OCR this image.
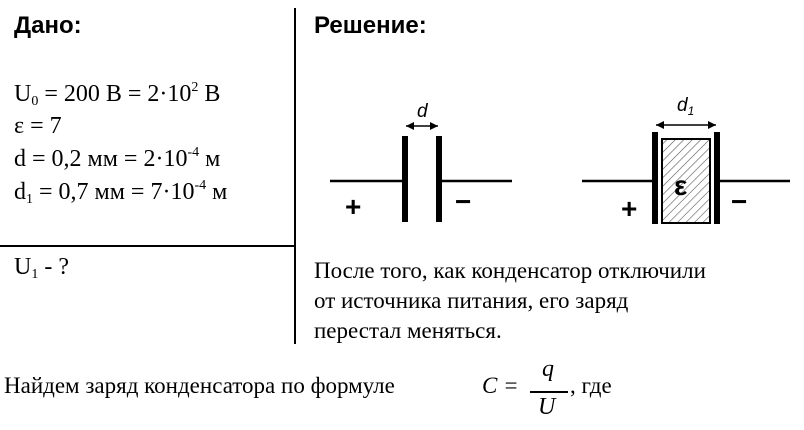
Дано:
$U_0 = 200$ $В = 2\cdot 10^2$ В
ε = 7
d = 0,2 мм = $2\cdot 10^{-4}$ м
$d_1 = 0,7$ мм = $7\cdot 10^{-4}$ м
$U_1$ - ?
Решение:
d
+	−
$d_1$
ε
+	−
После того, как конденсатор отключили
от источника питания, его заряд
перестал меняться.
Найдем заряд конденсатора по формуле	C =
q
U
, где
